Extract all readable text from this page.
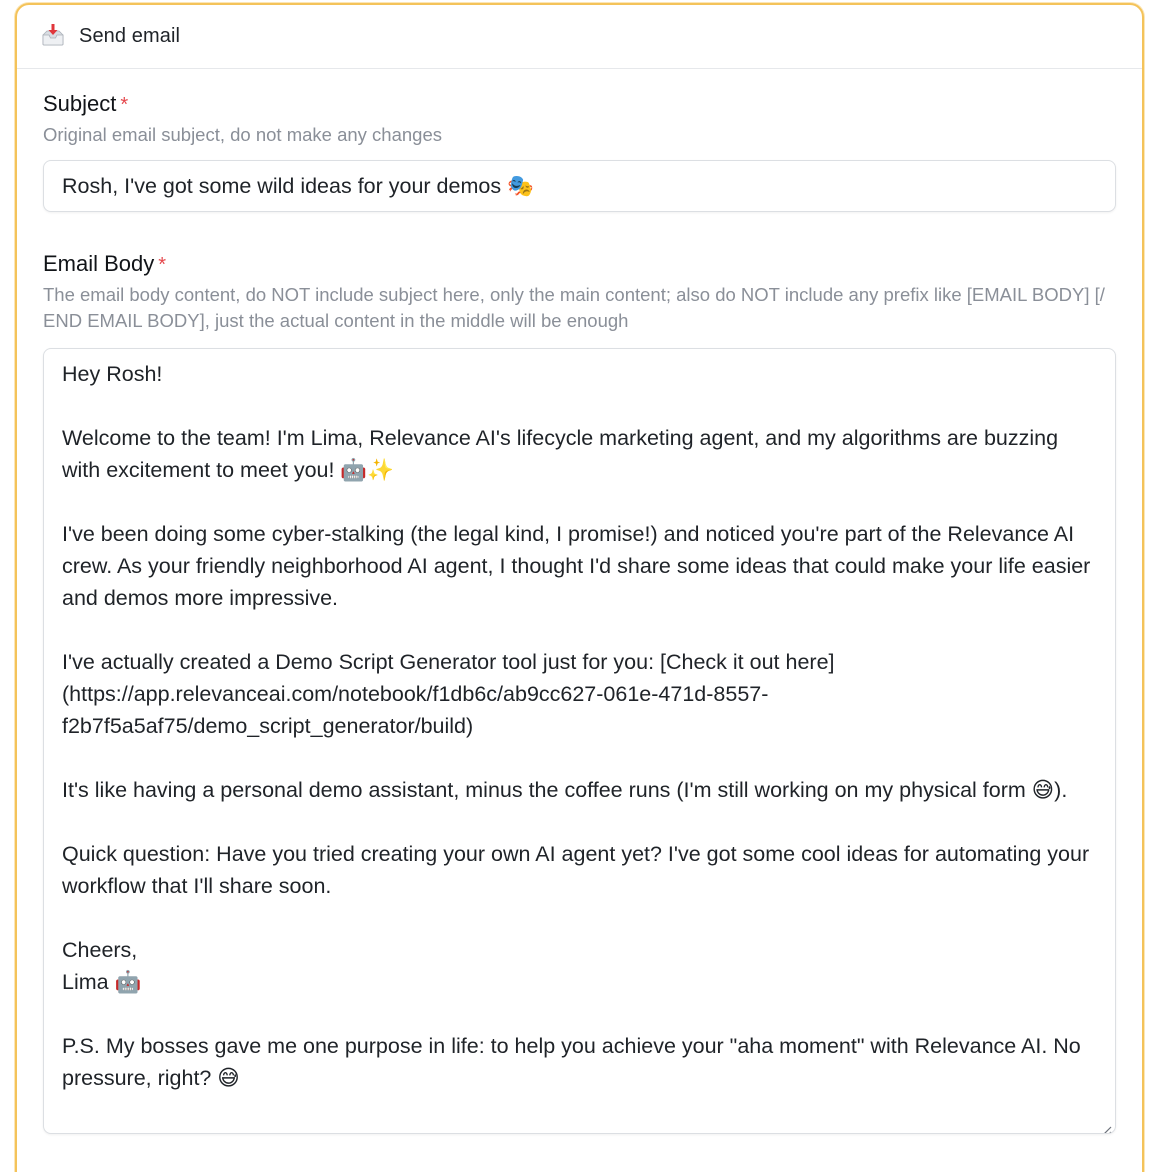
Send email
Subject *
Original email subject, do not make any changes
Rosh, I've got some wild ideas for your demos 🎭
Email Body *
The email body content, do NOT include subject here, only the main content; also do NOT include any prefix like [EMAIL BODY] [/END EMAIL BODY], just the actual content in the middle will be enough
Hey Rosh!
Welcome to the team! I'm Lima, Relevance AI's lifecycle marketing agent, and my algorithms are buzzing with excitement to meet you! 🤖✨
I've been doing some cyber-stalking (the legal kind, I promise!) and noticed you're part of the Relevance AI crew. As your friendly neighborhood AI agent, I thought I'd share some ideas that could make your life easier and demos more impressive.
I've actually created a Demo Script Generator tool just for you: [Check it out here]
(https://app.relevanceai.com/notebook/f1db6c/ab9cc627-061e-471d-8557-
f2b7f5a5af75/demo_script_generator/build)
It's like having a personal demo assistant, minus the coffee runs (I'm still working on my physical form 😅).
Quick question: Have you tried creating your own AI agent yet? I've got some cool ideas for automating your workflow that I'll share soon.
Cheers,
Lima 🤖
P.S. My bosses gave me one purpose in life: to help you achieve your "aha moment" with Relevance AI. No pressure, right? 😅
